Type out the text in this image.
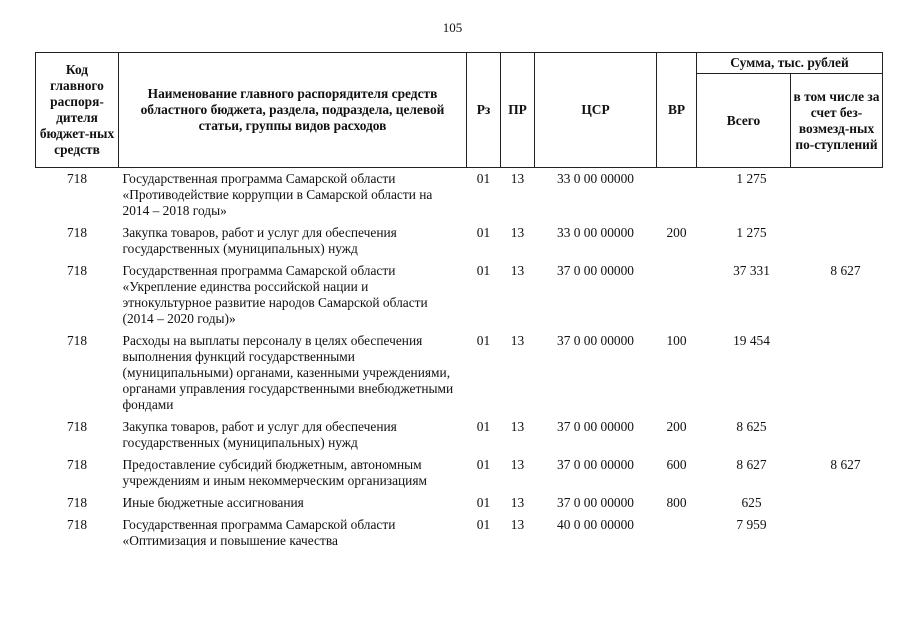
105
Код главного распоря-дителя бюджет-ных средств	Наименование главного распорядителя средств областного бюджета, раздела, подраздела, целевой статьи, группы видов расходов	Рз	ПР	ЦСР	ВР	Сумма, тыс. рублей	
						Всего	в том числе за счет без-возмезд-ных по-ступлений
718	Государственная программа Самарской области «Противодействие коррупции в Самарской области на 2014 – 2018 годы»	01	13	33 0 00 00000		1 275	
718	Закупка товаров, работ и услуг для обеспечения государственных (муниципальных) нужд	01	13	33 0 00 00000	200	1 275	
718	Государственная программа Самарской области «Укрепление единства российской нации и этнокультурное развитие народов Самарской области (2014 – 2020 годы)»	01	13	37 0 00 00000		37 331	8 627
718	Расходы на выплаты персоналу в целях обеспечения выполнения функций государственными (муниципальными) органами, казенными учреждениями, органами управления государственными внебюджетными фондами	01	13	37 0 00 00000	100	19 454	
718	Закупка товаров, работ и услуг для обеспечения государственных (муниципальных) нужд	01	13	37 0 00 00000	200	8 625	
718	Предоставление субсидий бюджетным, автономным учреждениям и иным некоммерческим организациям	01	13	37 0 00 00000	600	8 627	8 627
718	Иные бюджетные ассигнования	01	13	37 0 00 00000	800	625	
718	Государственная программа Самарской области «Оптимизация и повышение качества	01	13	40 0 00 00000		7 959	
